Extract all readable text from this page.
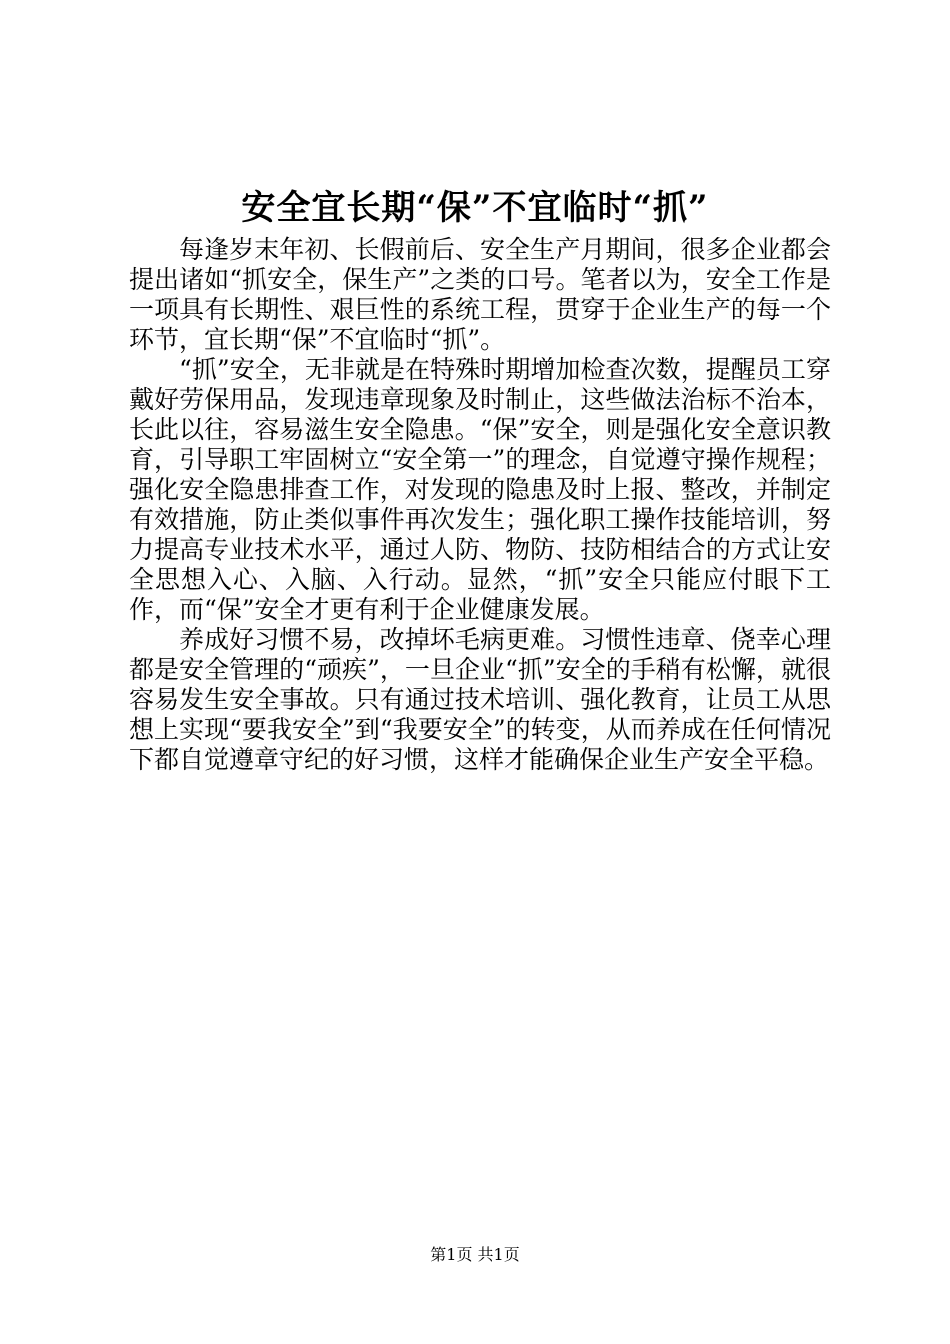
安全宜长期“保”不宜临时“抓”

每逢岁末年初、长假前后、安全生产月期间，很多企业都会提出诸如“抓安全，保生产”之类的口号。笔者以为，安全工作是一项具有长期性、艰巨性的系统工程，贯穿于企业生产的每一个环节，宜长期“保”不宜临时“抓”。

“抓”安全，无非就是在特殊时期增加检查次数，提醒员工穿戴好劳保用品，发现违章现象及时制止，这些做法治标不治本，长此以往，容易滋生安全隐患。“保”安全，则是强化安全意识教育，引导职工牢固树立“安全第一”的理念，自觉遵守操作规程；强化安全隐患排查工作，对发现的隐患及时上报、整改，并制定有效措施，防止类似事件再次发生；强化职工操作技能培训，努力提高专业技术水平，通过人防、物防、技防相结合的方式让安全思想入心、入脑、入行动。显然，“抓”安全只能应付眼下工作，而“保”安全才更有利于企业健康发展。

养成好习惯不易，改掉坏毛病更难。习惯性违章、侥幸心理都是安全管理的“顽疾”，一旦企业“抓”安全的手稍有松懈，就很容易发生安全事故。只有通过技术培训、强化教育，让员工从思想上实现“要我安全”到“我要安全”的转变，从而养成在任何情况下都自觉遵章守纪的好习惯，这样才能确保企业生产安全平稳。

第1页 共1页
